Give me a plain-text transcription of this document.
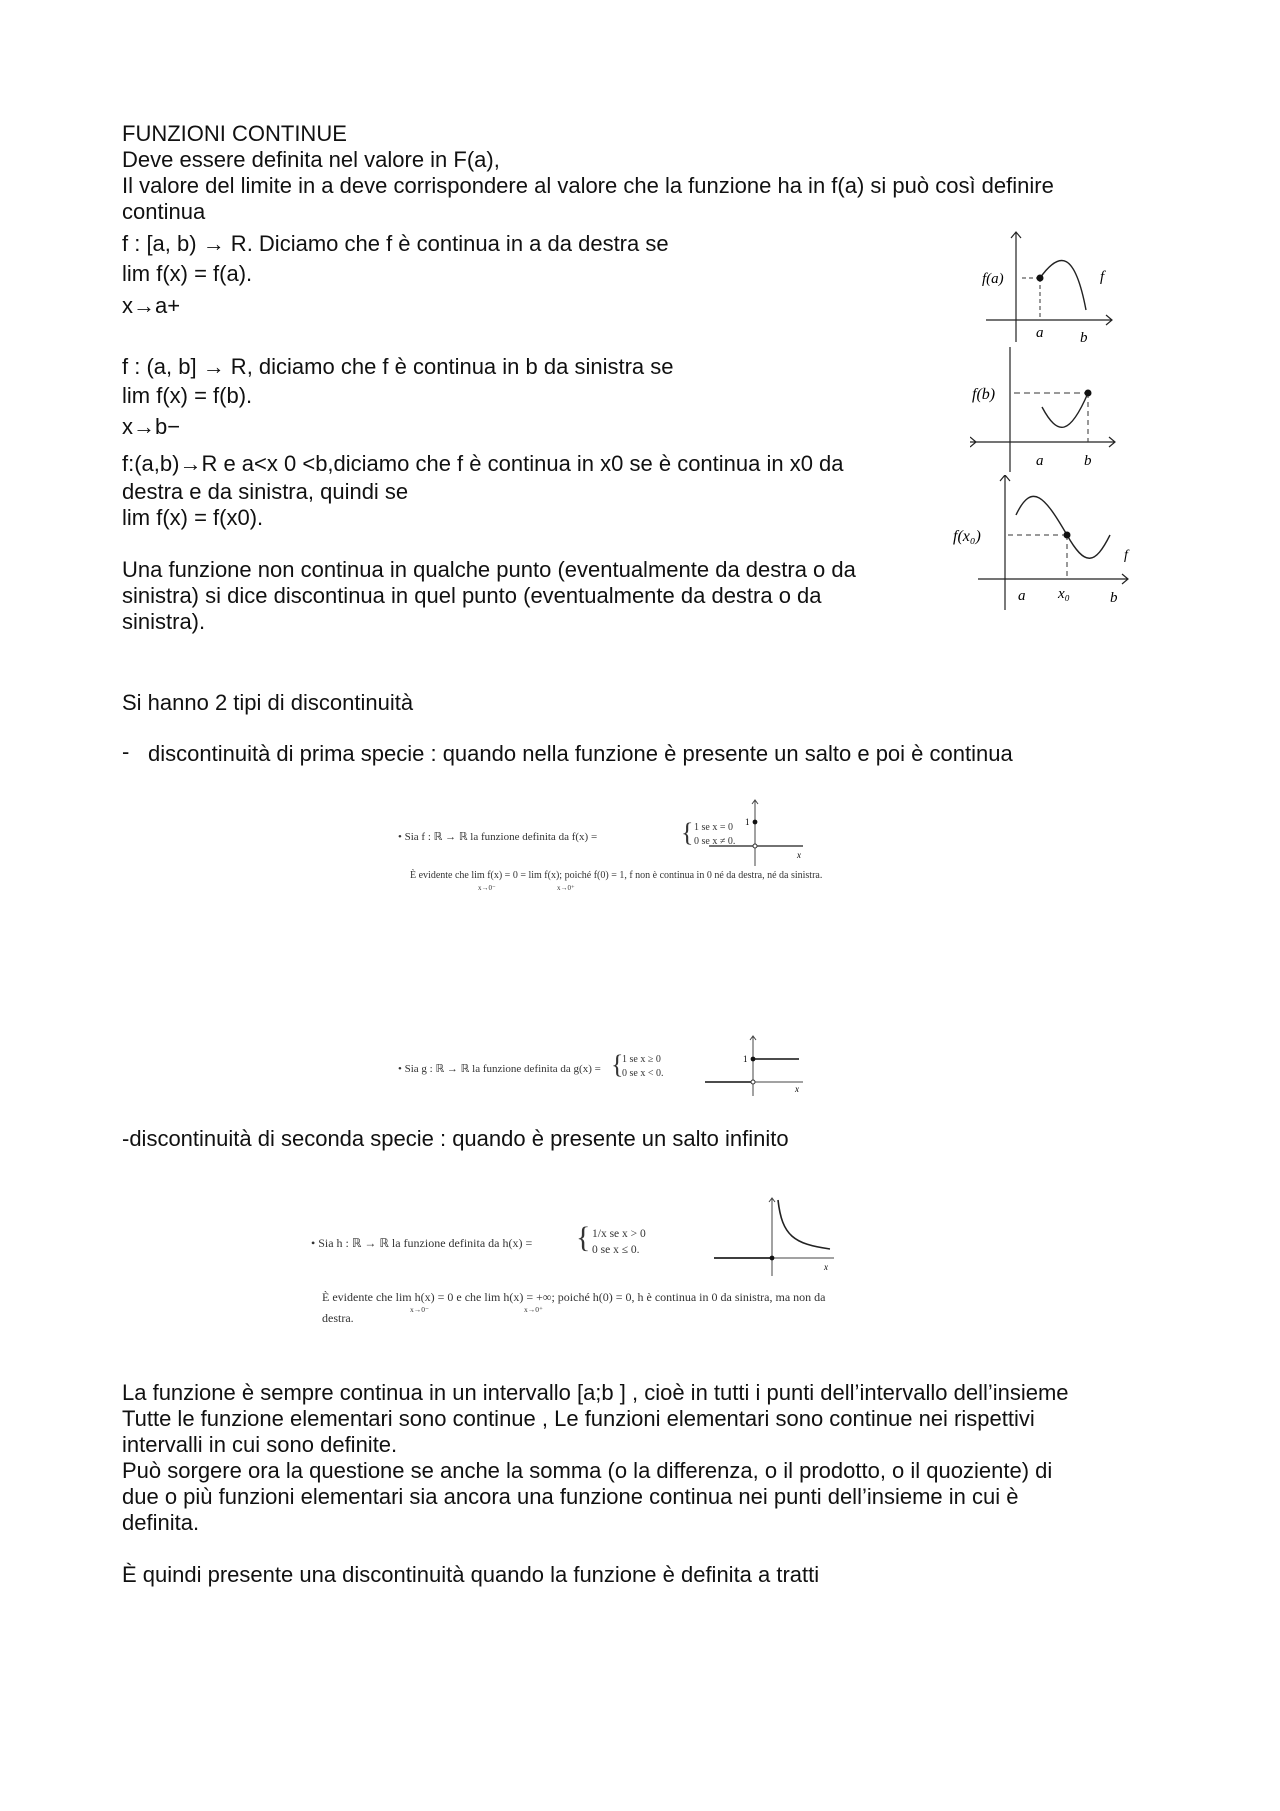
FUNZIONI CONTINUE
Deve essere definita nel valore in F(a),
Il valore del limite in a deve corrispondere al valore che la funzione ha in f(a) si può così definire
continua
f : [a, b) → R. Diciamo che f è continua in a da destra se
lim f(x) = f(a).
x→a+
f : (a, b] → R, diciamo che f è continua in b da sinistra se
lim f(x) = f(b).
x→b−
f:(a,b)→R e a<x 0 <b,diciamo che f è continua in x0 se è continua in x0 da
destra e da sinistra, quindi se
lim f(x) = f(x0).
Una funzione non continua in qualche punto (eventualmente da destra o da
sinistra) si dice discontinua in quel punto (eventualmente da destra o da
sinistra).
f(a)	f
a b
f(b)
a	b
f(x₀)
a x₀	b
f
Si hanno 2 tipi di discontinuità
- discontinuità di prima specie : quando nella funzione è presente un salto e poi è continua
• Sia f : ℝ → ℝ la funzione definita da f(x) =	{ 1 se x = 0
0 se x ≠ 0.
1
x
È evidente che lim f(x) = 0 = lim f(x); poiché f(0) = 1, f non è continua in 0 né da destra, né da sinistra.
x→0⁻	x→0⁺
• Sia g : ℝ → ℝ la funzione definita da g(x) = {
1 se x ≥ 0
0 se x < 0.
1
x
-discontinuità di seconda specie : quando è presente un salto infinito
• Sia h : ℝ → ℝ la funzione definita da h(x) = { 1/x se x > 0
0 se x ≤ 0.
x
È evidente che lim h(x) = 0 e che lim h(x) = +∞; poiché h(0) = 0, h è continua in 0 da sinistra, ma non da
x→0⁻	x→0⁺
destra.
La funzione è sempre continua in un intervallo [a;b ] , cioè in tutti i punti dell’intervallo dell’insieme
Tutte le funzione elementari sono continue , Le funzioni elementari sono continue nei rispettivi
intervalli in cui sono definite.
Può sorgere ora la questione se anche la somma (o la differenza, o il prodotto, o il quoziente) di
due o più funzioni elementari sia ancora una funzione continua nei punti dell’insieme in cui è
definita.
È quindi presente una discontinuità quando la funzione è definita a tratti
